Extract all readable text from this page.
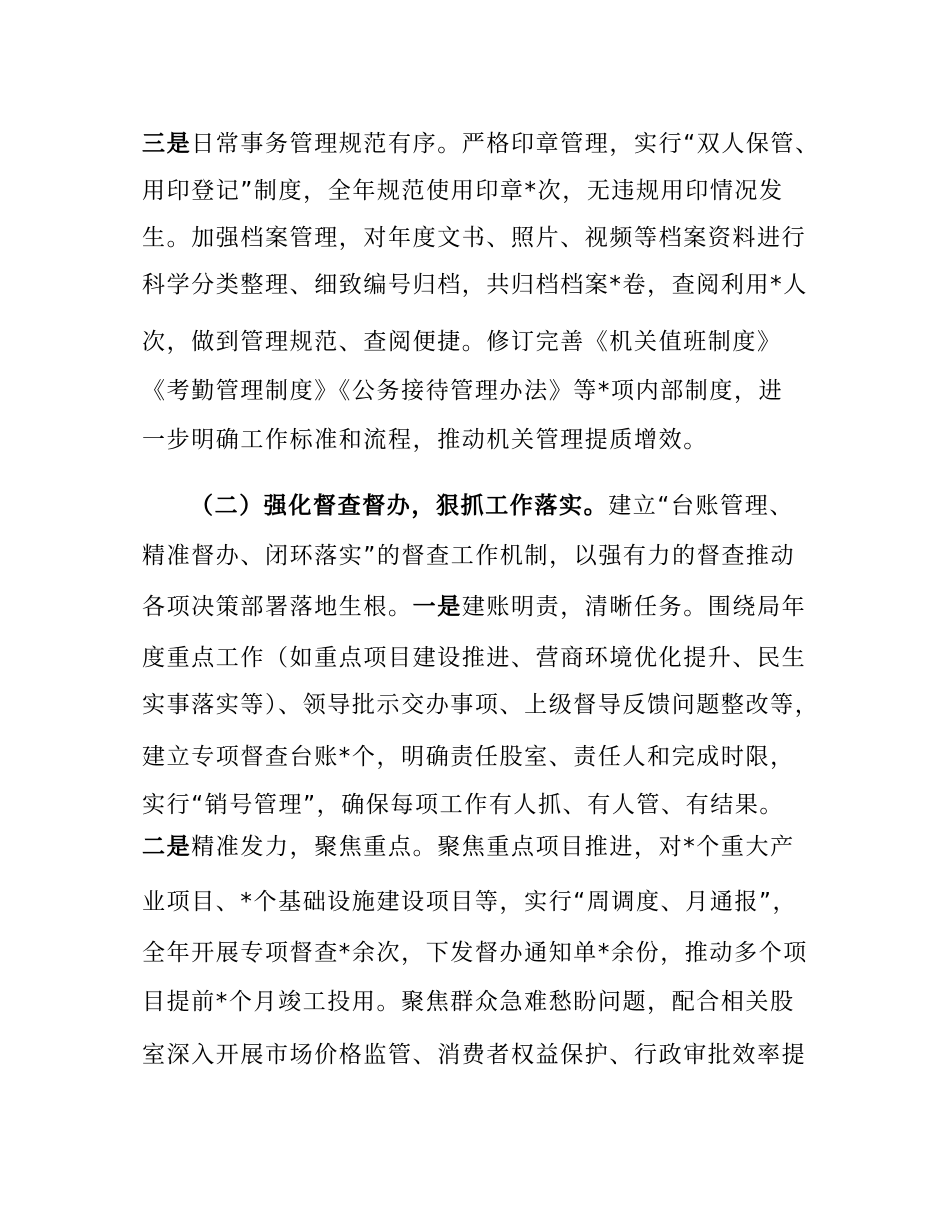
三是日常事务管理规范有序。严格印章管理，实行“双人保管、
用印登记”制度，全年规范使用印章*次，无违规用印情况发
生。加强档案管理，对年度文书、照片、视频等档案资料进行
科学分类整理、细致编号归档，共归档档案*卷，查阅利用*人
次，做到管理规范、查阅便捷。修订完善《机关值班制度》
《考勤管理制度》《公务接待管理办法》等*项内部制度，进
一步明确工作标准和流程，推动机关管理提质增效。
（二）强化督查督办，狠抓工作落实。建立“台账管理、
精准督办、闭环落实”的督查工作机制，以强有力的督查推动
各项决策部署落地生根。一是建账明责，清晰任务。围绕局年
度重点工作（如重点项目建设推进、营商环境优化提升、民生
实事落实等）、领导批示交办事项、上级督导反馈问题整改等，
建立专项督查台账*个，明确责任股室、责任人和完成时限，
实行“销号管理”，确保每项工作有人抓、有人管、有结果。
二是精准发力，聚焦重点。聚焦重点项目推进，对*个重大产
业项目、*个基础设施建设项目等，实行“周调度、月通报”，
全年开展专项督查*余次，下发督办通知单*余份，推动多个项
目提前*个月竣工投用。聚焦群众急难愁盼问题，配合相关股
室深入开展市场价格监管、消费者权益保护、行政审批效率提
